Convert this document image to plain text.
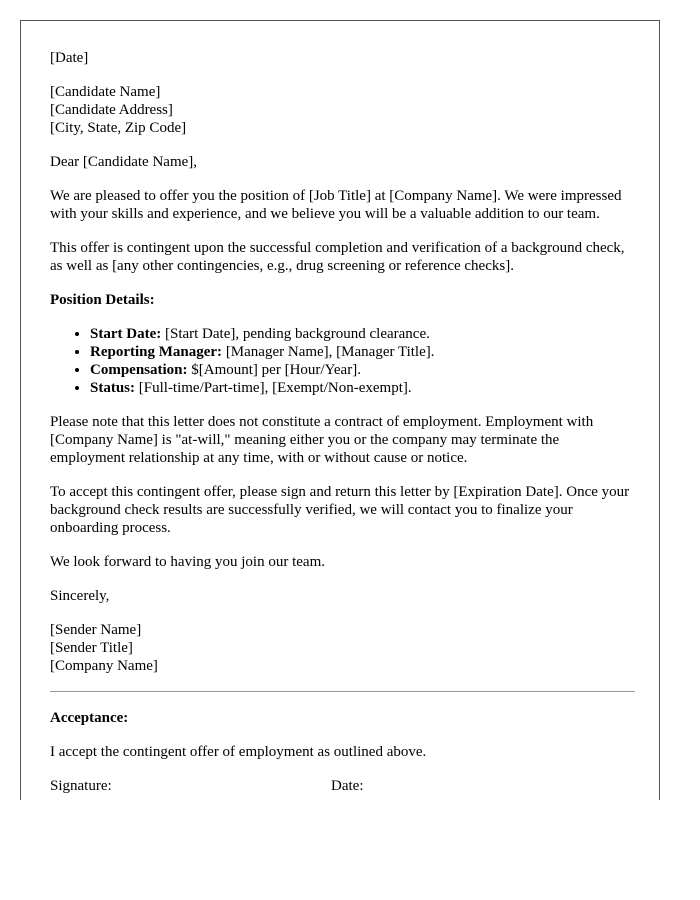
[Date]

[Candidate Name]
[Candidate Address]
[City, State, Zip Code]

Dear [Candidate Name],

We are pleased to offer you the position of [Job Title] at [Company Name]. We were impressed with your skills and experience, and we believe you will be a valuable addition to our team.

This offer is contingent upon the successful completion and verification of a background check, as well as [any other contingencies, e.g., drug screening or reference checks].

Position Details:

• Start Date: [Start Date], pending background clearance.
• Reporting Manager: [Manager Name], [Manager Title].
• Compensation: $[Amount] per [Hour/Year].
• Status: [Full-time/Part-time], [Exempt/Non-exempt].

Please note that this letter does not constitute a contract of employment. Employment with [Company Name] is "at-will," meaning either you or the company may terminate the employment relationship at any time, with or without cause or notice.

To accept this contingent offer, please sign and return this letter by [Expiration Date]. Once your background check results are successfully verified, we will contact you to finalize your onboarding process.

We look forward to having you join our team.

Sincerely,

[Sender Name]
[Sender Title]
[Company Name]

Acceptance:

I accept the contingent offer of employment as outlined above.

Signature:	Date:
